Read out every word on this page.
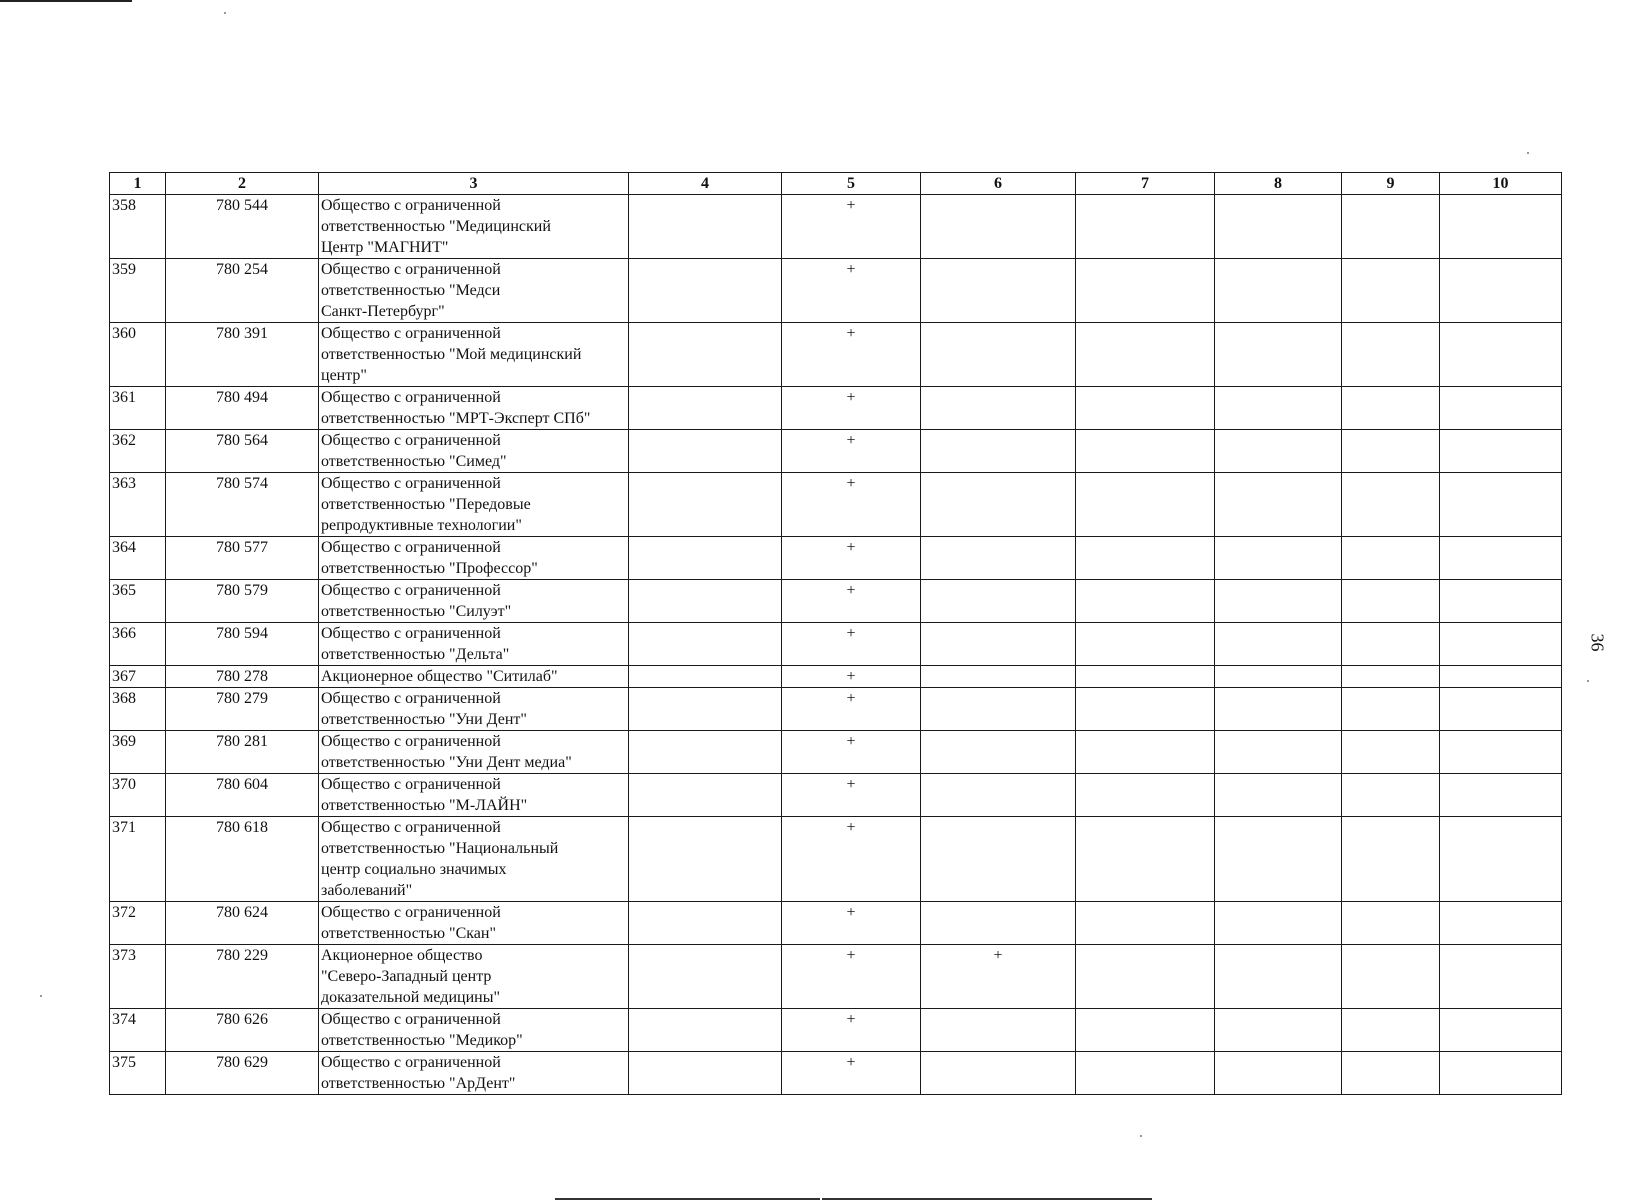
1	2	3	4	5	6	7	8	9	10
358	780 544	Общество с ограниченной
ответственностью "Медицинский
Центр "МАГНИТ"		+					
359	780 254	Общество с ограниченной
ответственностью "Медси
Санкт-Петербург"		+					
360	780 391	Общество с ограниченной
ответственностью "Мой медицинский
центр"		+					
361	780 494	Общество с ограниченной
ответственностью "МРТ-Эксперт СПб"		+					
362	780 564	Общество с ограниченной
ответственностью "Симед"		+					
363	780 574	Общество с ограниченной
ответственностью "Передовые
репродуктивные технологии"		+					
364	780 577	Общество с ограниченной
ответственностью "Профессор"		+					
365	780 579	Общество с ограниченной
ответственностью "Силуэт"		+					
366	780 594	Общество с ограниченной
ответственностью "Дельта"		+					
367	780 278	Акционерное общество "Ситилаб"		+					
368	780 279	Общество с ограниченной
ответственностью "Уни Дент"		+					
369	780 281	Общество с ограниченной
ответственностью "Уни Дент медиа"		+					
370	780 604	Общество с ограниченной
ответственностью "М-ЛАЙН"		+					
371	780 618	Общество с ограниченной
ответственностью "Национальный
центр социально значимых
заболеваний"		+					
372	780 624	Общество с ограниченной
ответственностью "Скан"		+					
373	780 229	Акционерное общество
"Северо-Западный центр
доказательной медицины"		+	+				
374	780 626	Общество с ограниченной
ответственностью "Медикор"		+					
375	780 629	Общество с ограниченной
ответственностью "АрДент"		+					
36
